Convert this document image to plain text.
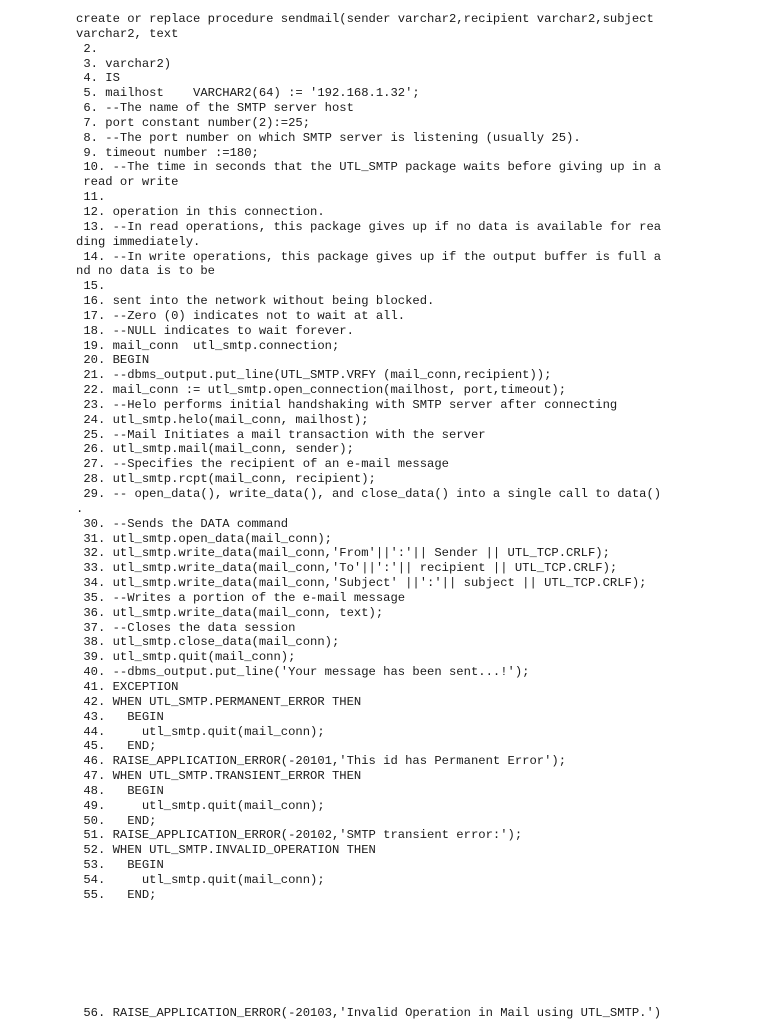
create or replace procedure sendmail(sender varchar2,recipient varchar2,subject
varchar2, text
2.
3. varchar2)
4. IS
5. mailhost    VARCHAR2(64) := '192.168.1.32';
6. --The name of the SMTP server host
7. port constant number(2):=25;
8. --The port number on which SMTP server is listening (usually 25).
9. timeout number :=180;
10. --The time in seconds that the UTL_SMTP package waits before giving up in a
read or write
11.
12. operation in this connection.
13. --In read operations, this package gives up if no data is available for rea
ding immediately.
14. --In write operations, this package gives up if the output buffer is full a
nd no data is to be
15.
16. sent into the network without being blocked.
17. --Zero (0) indicates not to wait at all.
18. --NULL indicates to wait forever.
19. mail_conn  utl_smtp.connection;
20. BEGIN
21. --dbms_output.put_line(UTL_SMTP.VRFY (mail_conn,recipient));
22. mail_conn := utl_smtp.open_connection(mailhost, port,timeout);
23. --Helo performs initial handshaking with SMTP server after connecting
24. utl_smtp.helo(mail_conn, mailhost);
25. --Mail Initiates a mail transaction with the server
26. utl_smtp.mail(mail_conn, sender);
27. --Specifies the recipient of an e-mail message
28. utl_smtp.rcpt(mail_conn, recipient);
29. -- open_data(), write_data(), and close_data() into a single call to data()
.
30. --Sends the DATA command
31. utl_smtp.open_data(mail_conn);
32. utl_smtp.write_data(mail_conn,'From'||':'|| Sender || UTL_TCP.CRLF);
33. utl_smtp.write_data(mail_conn,'To'||':'|| recipient || UTL_TCP.CRLF);
34. utl_smtp.write_data(mail_conn,'Subject' ||':'|| subject || UTL_TCP.CRLF);
35. --Writes a portion of the e-mail message
36. utl_smtp.write_data(mail_conn, text);
37. --Closes the data session
38. utl_smtp.close_data(mail_conn);
39. utl_smtp.quit(mail_conn);
40. --dbms_output.put_line('Your message has been sent...!');
41. EXCEPTION
42. WHEN UTL_SMTP.PERMANENT_ERROR THEN
43.   BEGIN
44.     utl_smtp.quit(mail_conn);
45.   END;
46. RAISE_APPLICATION_ERROR(-20101,'This id has Permanent Error');
47. WHEN UTL_SMTP.TRANSIENT_ERROR THEN
48.   BEGIN
49.     utl_smtp.quit(mail_conn);
50.   END;
51. RAISE_APPLICATION_ERROR(-20102,'SMTP transient error:');
52. WHEN UTL_SMTP.INVALID_OPERATION THEN
53.   BEGIN
54.     utl_smtp.quit(mail_conn);
55.   END;
56. RAISE_APPLICATION_ERROR(-20103,'Invalid Operation in Mail using UTL_SMTP.')
